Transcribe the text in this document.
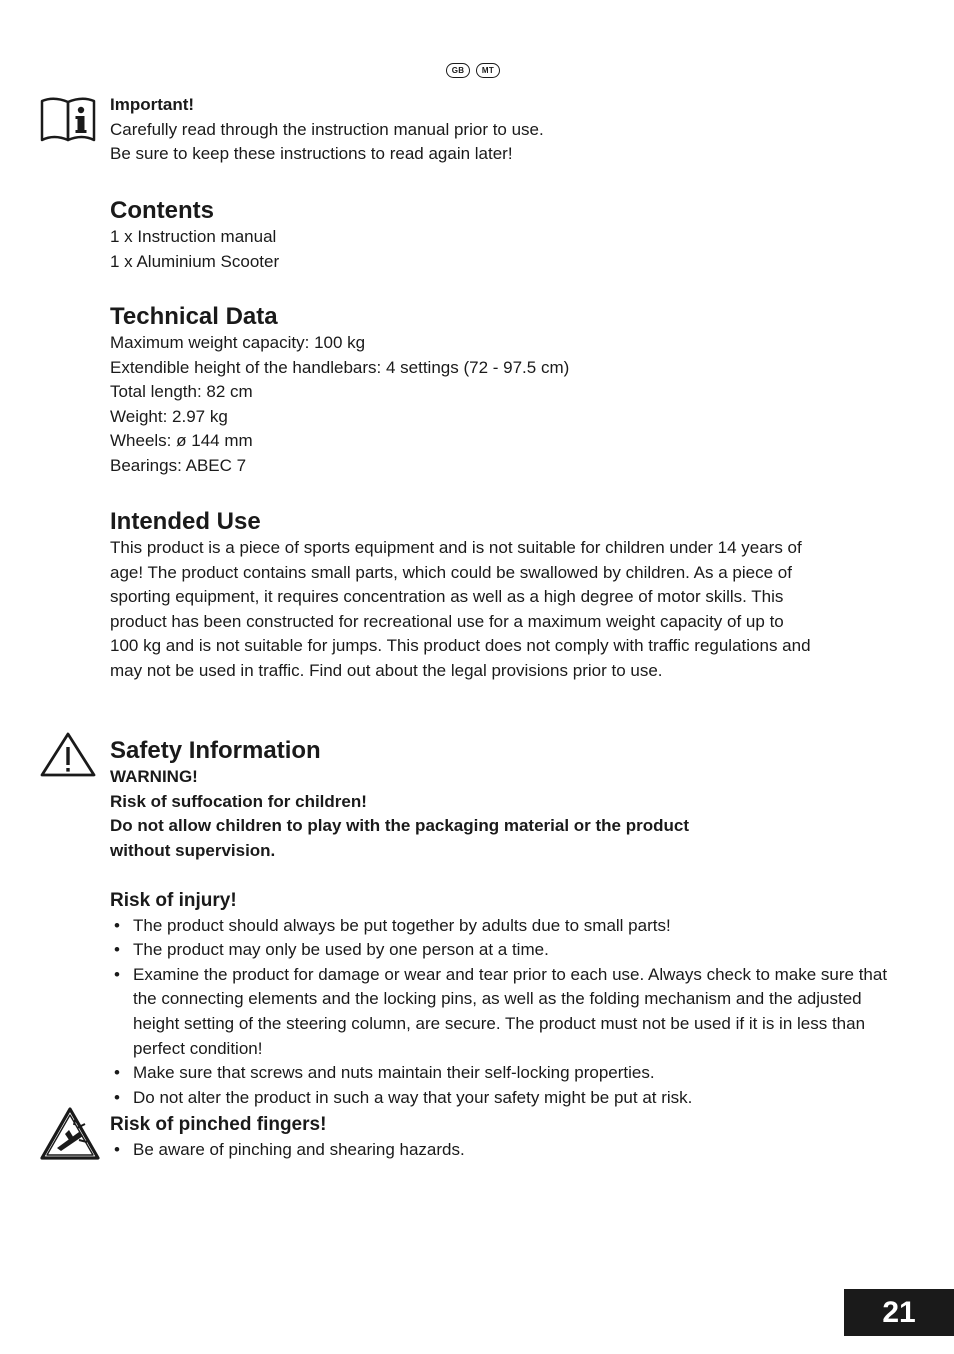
GB	MT

Important!

Carefully read through the instruction manual prior to use.

Be sure to keep these instructions to read again later!

Contents

1 x Instruction manual

1 x Aluminium Scooter

Technical Data

Maximum weight capacity: 100 kg

Extendible height of the handlebars: 4 settings (72 - 97.5 cm)

Total length: 82 cm

Weight: 2.97 kg

Wheels: ø 144 mm

Bearings: ABEC 7

Intended Use

This product is a piece of sports equipment and is not suitable for children under 14 years of

age! The product contains small parts, which could be swallowed by children. As a piece of

sporting equipment, it requires concentration as well as a high degree of motor skills. This

product has been constructed for recreational use for a maximum weight capacity of up to

100 kg and is not suitable for jumps. This product does not comply with traffic regulations and

may not be used in traffic. Find out about the legal provisions prior to use.

Safety Information

WARNING!

Risk of suffocation for children!

Do not allow children to play with the packaging material or the product

without supervision.

Risk of injury!

• The product should always be put together by adults due to small parts!
• The product may only be used by one person at a time.
• Examine the product for damage or wear and tear prior to each use. Always check to make sure that the connecting elements and the locking pins, as well as the folding mechanism and the adjusted height setting of the steering column, are secure. The product must not be used if it is in less than perfect condition!
• Make sure that screws and nuts maintain their self-locking properties.
• Do not alter the product in such a way that your safety might be put at risk.

Risk of pinched fingers!

• Be aware of pinching and shearing hazards.
21
